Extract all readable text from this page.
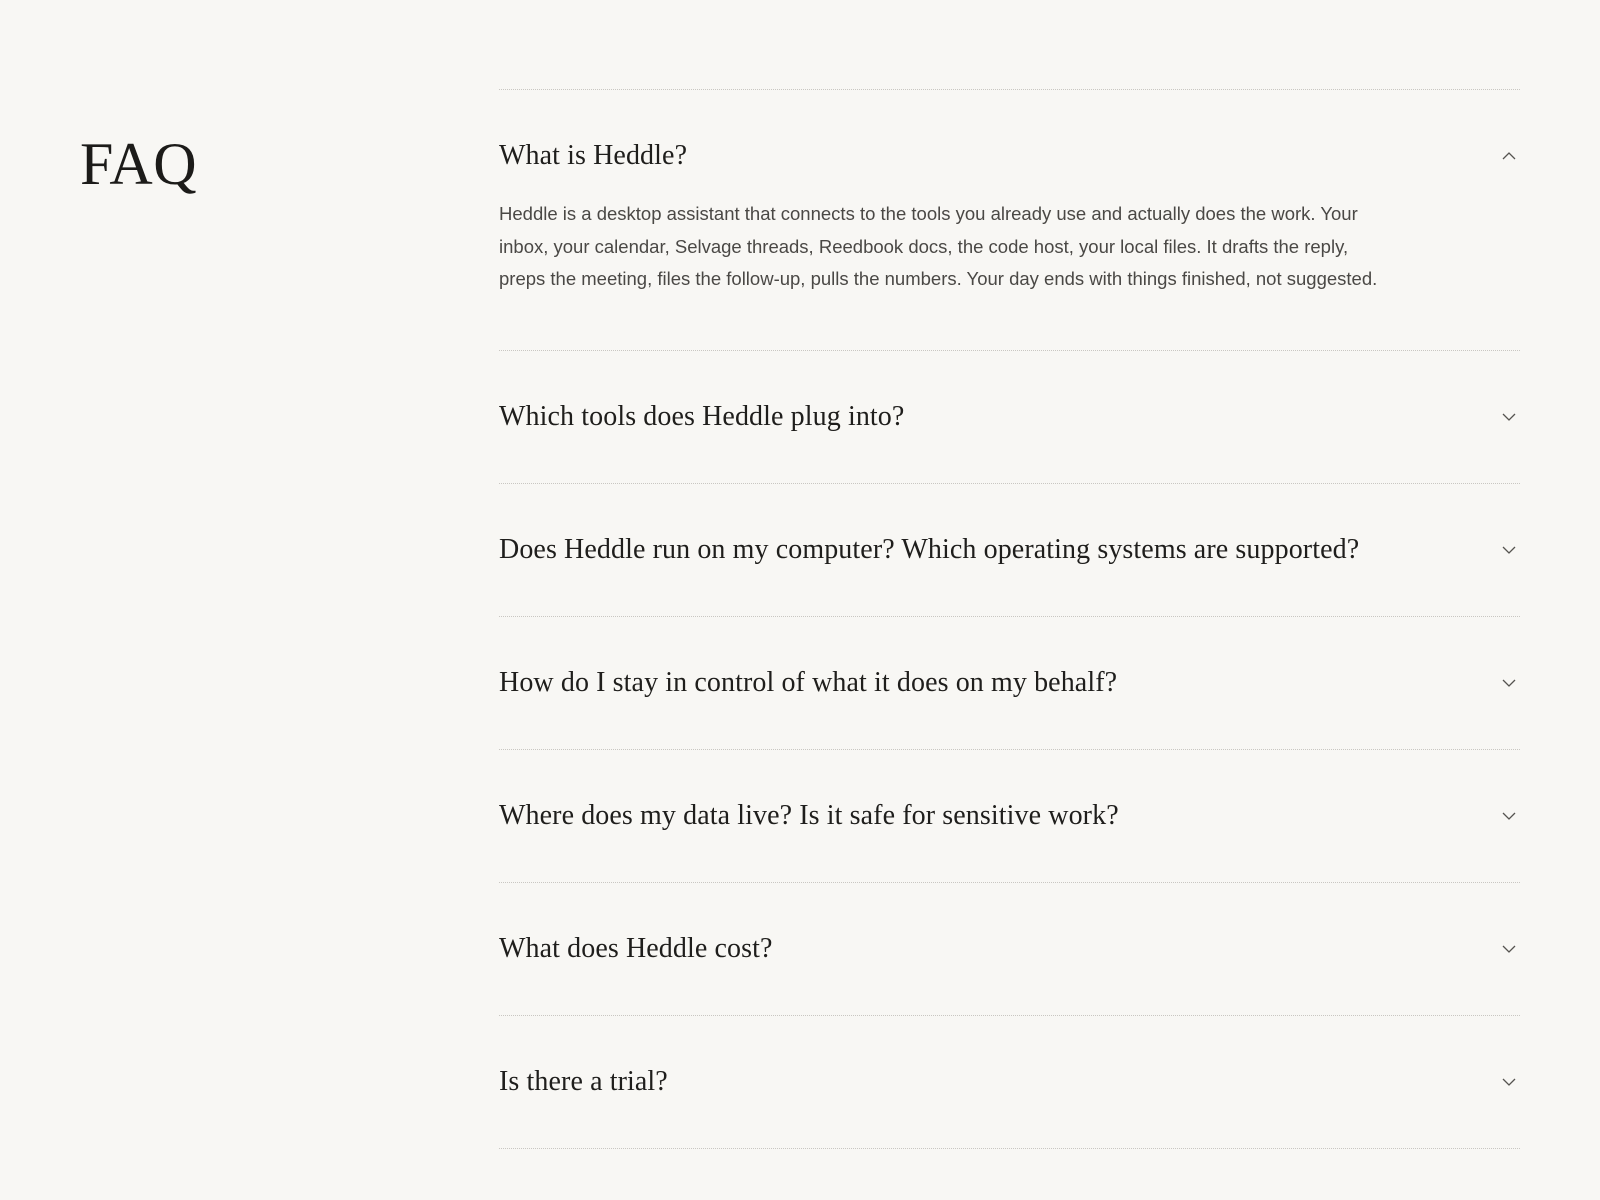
FAQ	What is Heddle?
Heddle is a desktop assistant that connects to the tools you already use and actually does the work. Your inbox, your calendar, Selvage threads, Reedbook docs, the code host, your local files. It drafts the reply, preps the meeting, files the follow-up, pulls the numbers. Your day ends with things finished, not suggested.
Which tools does Heddle plug into?
Does Heddle run on my computer? Which operating systems are supported?
How do I stay in control of what it does on my behalf?
Where does my data live? Is it safe for sensitive work?
What does Heddle cost?
Is there a trial?
